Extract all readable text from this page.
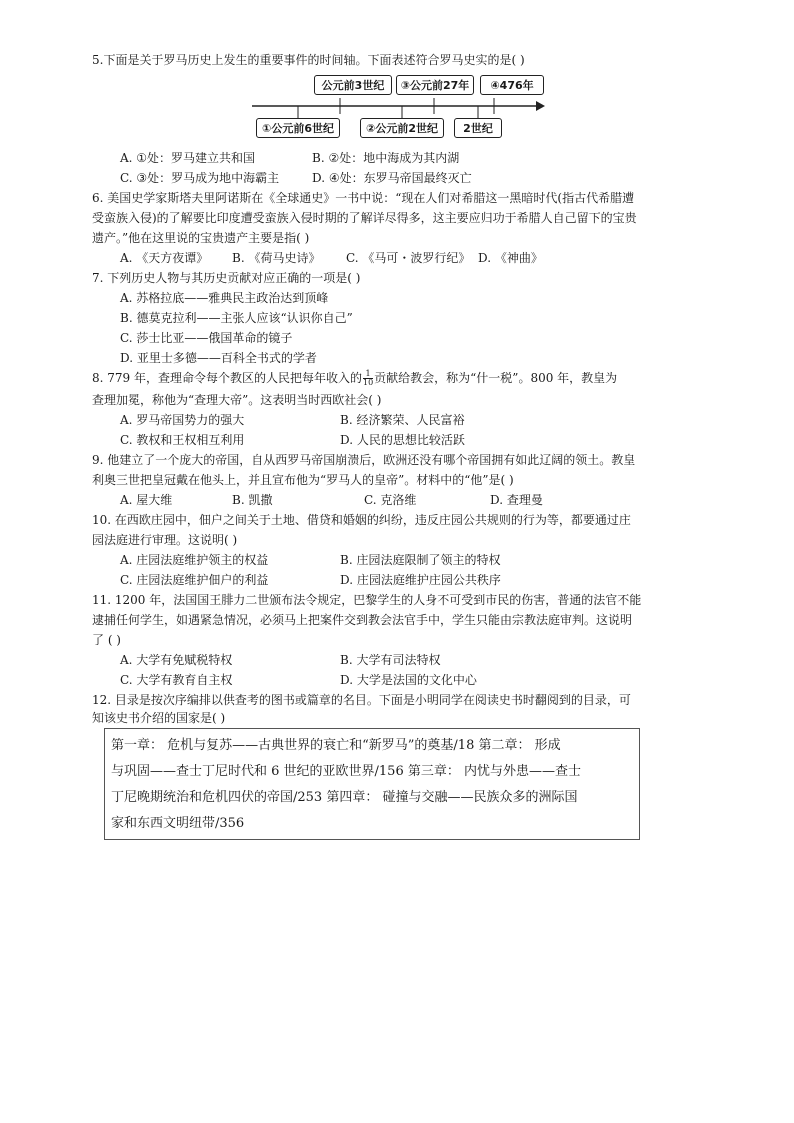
5.下面是关于罗马历史上发生的重要事件的时间轴。下面表述符合罗马史实的是( )
公元前3世纪	③公元前27年	④476年
①公元前6世纪	②公元前2世纪	2世纪
A. ①处：罗马建立共和国	B. ②处：地中海成为其内湖
C. ③处：罗马成为地中海霸主	D. ④处：东罗马帝国最终灭亡
6. 美国史学家斯塔夫里阿诺斯在《全球通史》一书中说：“现在人们对希腊这一黑暗时代(指古代希腊遭
受蛮族入侵)的了解要比印度遭受蛮族入侵时期的了解详尽得多，这主要应归功于希腊人自己留下的宝贵
遗产。”他在这里说的宝贵遗产主要是指( )
A. 《天方夜谭》 B. 《荷马史诗》 C. 《马可・波罗行纪》 D. 《神曲》
7. 下列历史人物与其历史贡献对应正确的一项是( )
A. 苏格拉底——雅典民主政治达到顶峰
B. 德莫克拉利——主张人应该“认识你自己”
C. 莎士比亚——俄国革命的镜子
D. 亚里士多德——百科全书式的学者
8. 779 年，查理命令每个教区的人民把每年收入的 $\frac{1}{10}$ 贡献给教会，称为“什一税”。800 年，教皇为
查理加冕，称他为“查理大帝”。这表明当时西欧社会( )
A. 罗马帝国势力的强大	B. 经济繁荣、人民富裕
C. 教权和王权相互利用	D. 人民的思想比较活跃
9. 他建立了一个庞大的帝国，自从西罗马帝国崩溃后，欧洲还没有哪个帝国拥有如此辽阔的领土。教皇
利奥三世把皇冠戴在他头上，并且宣布他为“罗马人的皇帝”。材料中的“他”是( )
A. 屋大维	B. 凯撒	C. 克洛维	D. 查理曼
10. 在西欧庄园中，佃户之间关于土地、借贷和婚姻的纠纷，违反庄园公共规则的行为等，都要通过庄
园法庭进行审理。这说明( )
A. 庄园法庭维护领主的权益	B. 庄园法庭限制了领主的特权
C. 庄园法庭维护佃户的利益	D. 庄园法庭维护庄园公共秩序
11. 1200 年，法国国王腓力二世颁布法令规定，巴黎学生的人身不可受到市民的伤害，普通的法官不能
逮捕任何学生，如遇紧急情况，必须马上把案件交到教会法官手中，学生只能由宗教法庭审判。这说明
了 ( )
A. 大学有免赋税特权	B. 大学有司法特权
C. 大学有教育自主权	D. 大学是法国的文化中心
12. 目录是按次序编排以供查考的图书或篇章的名目。下面是小明同学在阅读史书时翻阅到的目录，可
知该史书介绍的国家是( )
第一章： 危机与复苏——古典世界的衰亡和“新罗马”的奠基/18 第二章： 形成
与巩固——查士丁尼时代和 6 世纪的亚欧世界/156 第三章： 内忧与外患——查士
丁尼晚期统治和危机四伏的帝国/253 第四章： 碰撞与交融——民族众多的洲际国
家和东西文明纽带/356
